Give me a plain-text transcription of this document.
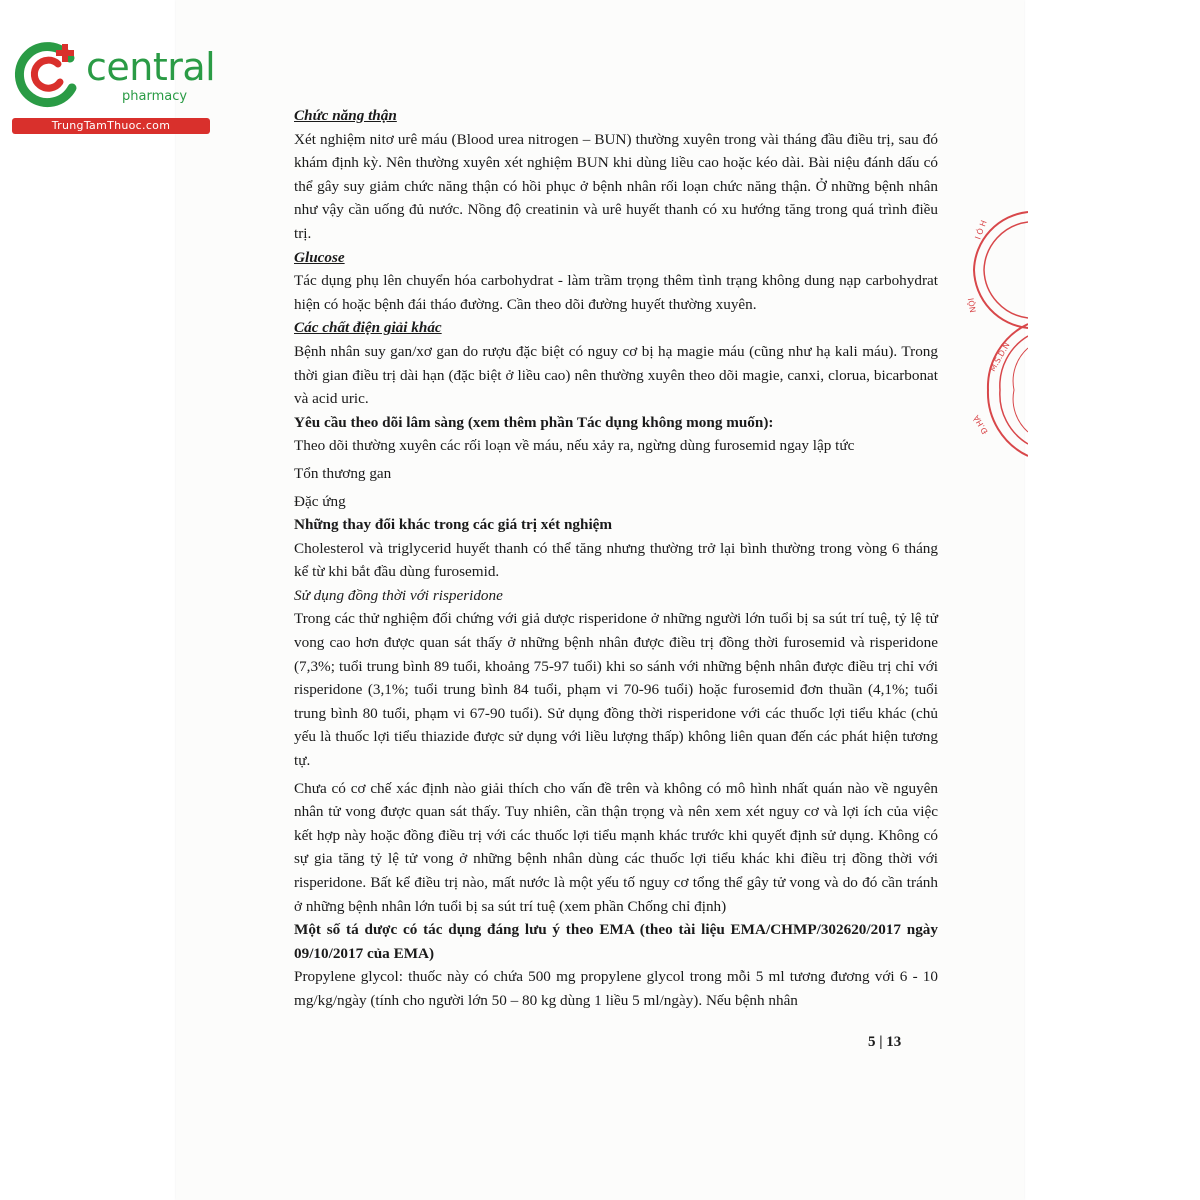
central
pharmacy
TrungTamThuoc.com
I Ó H
NỘI
M.S.D.N
Đ.HÀ

Chức năng thận

Xét nghiệm nitơ urê máu (Blood urea nitrogen – BUN) thường xuyên trong vài tháng đầu điều trị, sau đó khám định kỳ. Nên thường xuyên xét nghiệm BUN khi dùng liều cao hoặc kéo dài. Bài niệu đánh dấu có thể gây suy giảm chức năng thận có hồi phục ở bệnh nhân rối loạn chức năng thận. Ở những bệnh nhân như vậy cần uống đủ nước. Nồng độ creatinin và urê huyết thanh có xu hướng tăng trong quá trình điều trị.

Glucose

Tác dụng phụ lên chuyển hóa carbohydrat - làm trầm trọng thêm tình trạng không dung nạp carbohydrat hiện có hoặc bệnh đái tháo đường. Cần theo dõi đường huyết thường xuyên.

Các chất điện giải khác

Bệnh nhân suy gan/xơ gan do rượu đặc biệt có nguy cơ bị hạ magie máu (cũng như hạ kali máu). Trong thời gian điều trị dài hạn (đặc biệt ở liều cao) nên thường xuyên theo dõi magie, canxi, clorua, bicarbonat và acid uric.

Yêu cầu theo dõi lâm sàng (xem thêm phần Tác dụng không mong muốn):

Theo dõi thường xuyên các rối loạn về máu, nếu xảy ra, ngừng dùng furosemid ngay lập tức

Tổn thương gan

Đặc ứng

Những thay đổi khác trong các giá trị xét nghiệm

Cholesterol và triglycerid huyết thanh có thể tăng nhưng thường trở lại bình thường trong vòng 6 tháng kể từ khi bắt đầu dùng furosemid.

Sử dụng đồng thời với risperidone

Trong các thử nghiệm đối chứng với giả dược risperidone ở những người lớn tuổi bị sa sút trí tuệ, tỷ lệ tử vong cao hơn được quan sát thấy ở những bệnh nhân được điều trị đồng thời furosemid và risperidone (7,3%; tuổi trung bình 89 tuổi, khoảng 75-97 tuổi) khi so sánh với những bệnh nhân được điều trị chỉ với risperidone (3,1%; tuổi trung bình 84 tuổi, phạm vi 70-96 tuổi) hoặc furosemid đơn thuần (4,1%; tuổi trung bình 80 tuổi, phạm vi 67-90 tuổi). Sử dụng đồng thời risperidone với các thuốc lợi tiểu khác (chủ yếu là thuốc lợi tiểu thiazide được sử dụng với liều lượng thấp) không liên quan đến các phát hiện tương tự.

Chưa có cơ chế xác định nào giải thích cho vấn đề trên và không có mô hình nhất quán nào về nguyên nhân tử vong được quan sát thấy. Tuy nhiên, cần thận trọng và nên xem xét nguy cơ và lợi ích của việc kết hợp này hoặc đồng điều trị với các thuốc lợi tiểu mạnh khác trước khi quyết định sử dụng. Không có sự gia tăng tỷ lệ tử vong ở những bệnh nhân dùng các thuốc lợi tiểu khác khi điều trị đồng thời với risperidone. Bất kể điều trị nào, mất nước là một yếu tố nguy cơ tổng thể gây tử vong và do đó cần tránh ở những bệnh nhân lớn tuổi bị sa sút trí tuệ (xem phần Chống chỉ định)

Một số tá dược có tác dụng đáng lưu ý theo EMA (theo tài liệu EMA/CHMP/302620/2017 ngày 09/10/2017 của EMA)

Propylene glycol: thuốc này có chứa 500 mg propylene glycol trong mỗi 5 ml tương đương với 6 - 10 mg/kg/ngày (tính cho người lớn 50 – 80 kg dùng 1 liều 5 ml/ngày). Nếu bệnh nhân

5 | 13
